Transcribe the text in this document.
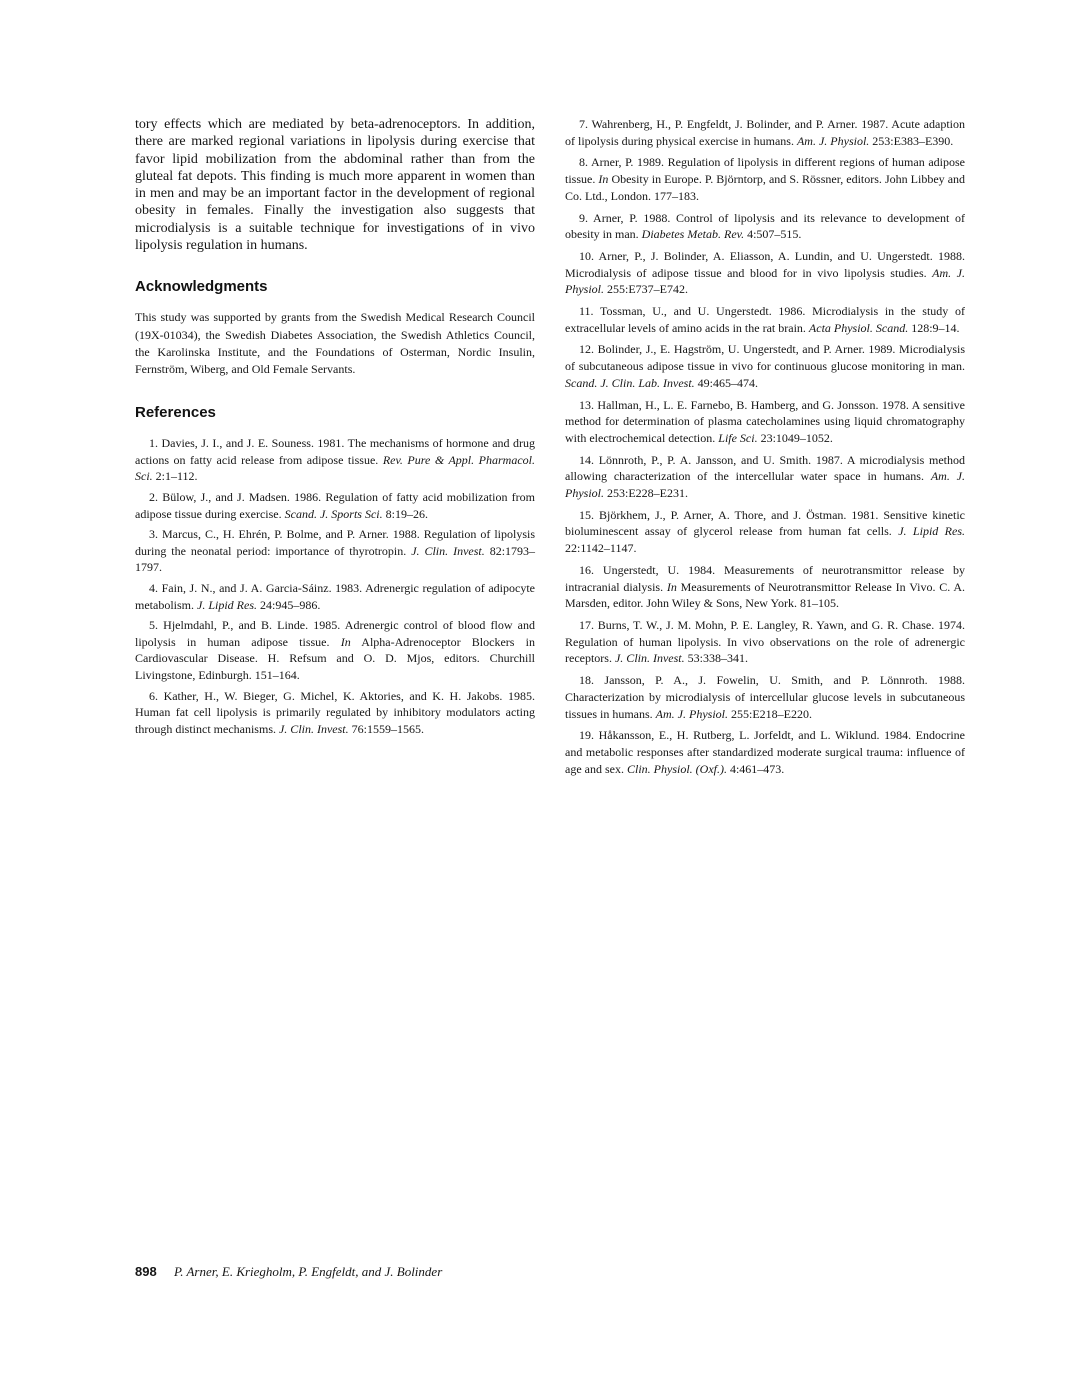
tory effects which are mediated by beta-adrenoceptors. In addition, there are marked regional variations in lipolysis during exercise that favor lipid mobilization from the abdominal rather than from the gluteal fat depots. This finding is much more apparent in women than in men and may be an important factor in the development of regional obesity in females. Finally the investigation also suggests that microdialysis is a suitable technique for investigations of in vivo lipolysis regulation in humans.

Acknowledgments

This study was supported by grants from the Swedish Medical Research Council (19X-01034), the Swedish Diabetes Association, the Swedish Athletics Council, the Karolinska Institute, and the Foundations of Osterman, Nordic Insulin, Fernström, Wiberg, and Old Female Servants.

References
1. Davies, J. I., and J. E. Souness. 1981. The mechanisms of hormone and drug actions on fatty acid release from adipose tissue. Rev. Pure & Appl. Pharmacol. Sci. 2:1–112.
2. Bülow, J., and J. Madsen. 1986. Regulation of fatty acid mobilization from adipose tissue during exercise. Scand. J. Sports Sci. 8:19–26.
3. Marcus, C., H. Ehrén, P. Bolme, and P. Arner. 1988. Regulation of lipolysis during the neonatal period: importance of thyrotropin. J. Clin. Invest. 82:1793–1797.
4. Fain, J. N., and J. A. Garcia-Sáinz. 1983. Adrenergic regulation of adipocyte metabolism. J. Lipid Res. 24:945–986.
5. Hjelmdahl, P., and B. Linde. 1985. Adrenergic control of blood flow and lipolysis in human adipose tissue. In Alpha-Adrenoceptor Blockers in Cardiovascular Disease. H. Refsum and O. D. Mjos, editors. Churchill Livingstone, Edinburgh. 151–164.
6. Kather, H., W. Bieger, G. Michel, K. Aktories, and K. H. Jakobs. 1985. Human fat cell lipolysis is primarily regulated by inhibitory modulators acting through distinct mechanisms. J. Clin. Invest. 76:1559–1565.
7. Wahrenberg, H., P. Engfeldt, J. Bolinder, and P. Arner. 1987. Acute adaption of lipolysis during physical exercise in humans. Am. J. Physiol. 253:E383–E390.
8. Arner, P. 1989. Regulation of lipolysis in different regions of human adipose tissue. In Obesity in Europe. P. Björntorp, and S. Rössner, editors. John Libbey and Co. Ltd., London. 177–183.
9. Arner, P. 1988. Control of lipolysis and its relevance to development of obesity in man. Diabetes Metab. Rev. 4:507–515.
10. Arner, P., J. Bolinder, A. Eliasson, A. Lundin, and U. Ungerstedt. 1988. Microdialysis of adipose tissue and blood for in vivo lipolysis studies. Am. J. Physiol. 255:E737–E742.
11. Tossman, U., and U. Ungerstedt. 1986. Microdialysis in the study of extracellular levels of amino acids in the rat brain. Acta Physiol. Scand. 128:9–14.
12. Bolinder, J., E. Hagström, U. Ungerstedt, and P. Arner. 1989. Microdialysis of subcutaneous adipose tissue in vivo for continuous glucose monitoring in man. Scand. J. Clin. Lab. Invest. 49:465–474.
13. Hallman, H., L. E. Farnebo, B. Hamberg, and G. Jonsson. 1978. A sensitive method for determination of plasma catecholamines using liquid chromatography with electrochemical detection. Life Sci. 23:1049–1052.
14. Lönnroth, P., P. A. Jansson, and U. Smith. 1987. A microdialysis method allowing characterization of the intercellular water space in humans. Am. J. Physiol. 253:E228–E231.
15. Björkhem, J., P. Arner, A. Thore, and J. Östman. 1981. Sensitive kinetic bioluminescent assay of glycerol release from human fat cells. J. Lipid Res. 22:1142–1147.
16. Ungerstedt, U. 1984. Measurements of neurotransmittor release by intracranial dialysis. In Measurements of Neurotransmittor Release In Vivo. C. A. Marsden, editor. John Wiley & Sons, New York. 81–105.
17. Burns, T. W., J. M. Mohn, P. E. Langley, R. Yawn, and G. R. Chase. 1974. Regulation of human lipolysis. In vivo observations on the role of adrenergic receptors. J. Clin. Invest. 53:338–341.
18. Jansson, P. A., J. Fowelin, U. Smith, and P. Lönnroth. 1988. Characterization by microdialysis of intercellular glucose levels in subcutaneous tissues in humans. Am. J. Physiol. 255:E218–E220.
19. Håkansson, E., H. Rutberg, L. Jorfeldt, and L. Wiklund. 1984. Endocrine and metabolic responses after standardized moderate surgical trauma: influence of age and sex. Clin. Physiol. (Oxf.). 4:461–473.
898 P. Arner, E. Kriegholm, P. Engfeldt, and J. Bolinder
